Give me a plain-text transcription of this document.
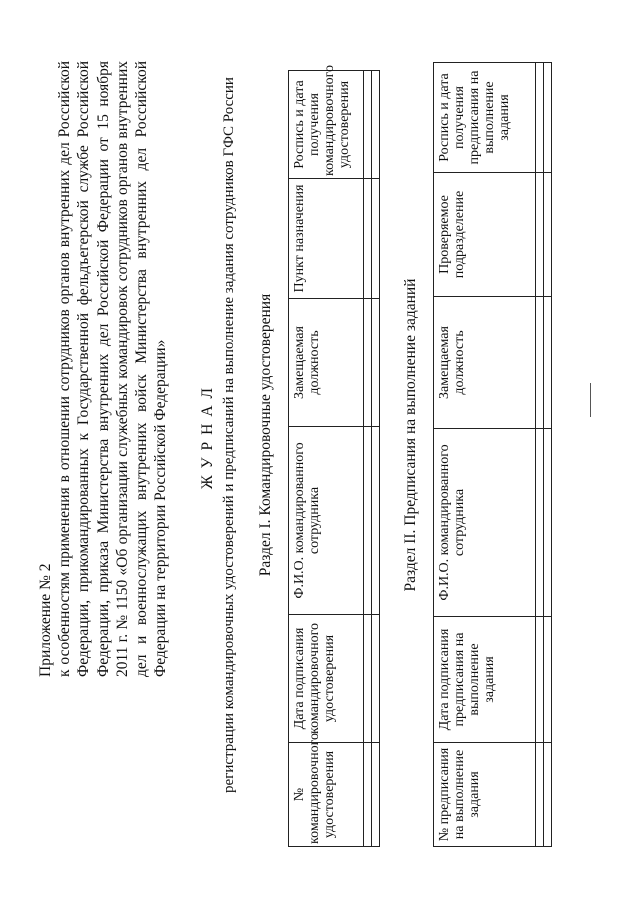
Приложение № 2 к особенностям применения в отношении сотрудников органов внутренних дел Российской Федерации, прикомандированных к Государственной фельдъегерской службе Российской Федерации, приказа Министерства внутренних дел Российской Федерации от 15 ноября 2011 г. № 1150 «Об организации служебных командировок сотрудников органов внутренних дел и военнослужащих внутренних войск Министерства внутренних дел Российской Федерации на территории Российской Федерации» ЖУРНАЛ регистрации командировочных удостоверений и предписаний на выполнение задания сотрудников ГФС России Раздел I. Командировочные удостоверения
№ командировочного удостоверения	Дата подписания командировочного удостоверения	Ф.И.О. командированного сотрудника	Замещаемая должность	Пункт назначения	Роспись и дата получения командировочного удостоверения

Раздел II. Предписания на выполнение заданий
№ предписания на выполнение задания	Дата подписания предписания на выполнение задания	Ф.И.О. командированного сотрудника	Замещаемая должность	Проверяемое подразделение	Роспись и дата получения предписания на выполнение задания
